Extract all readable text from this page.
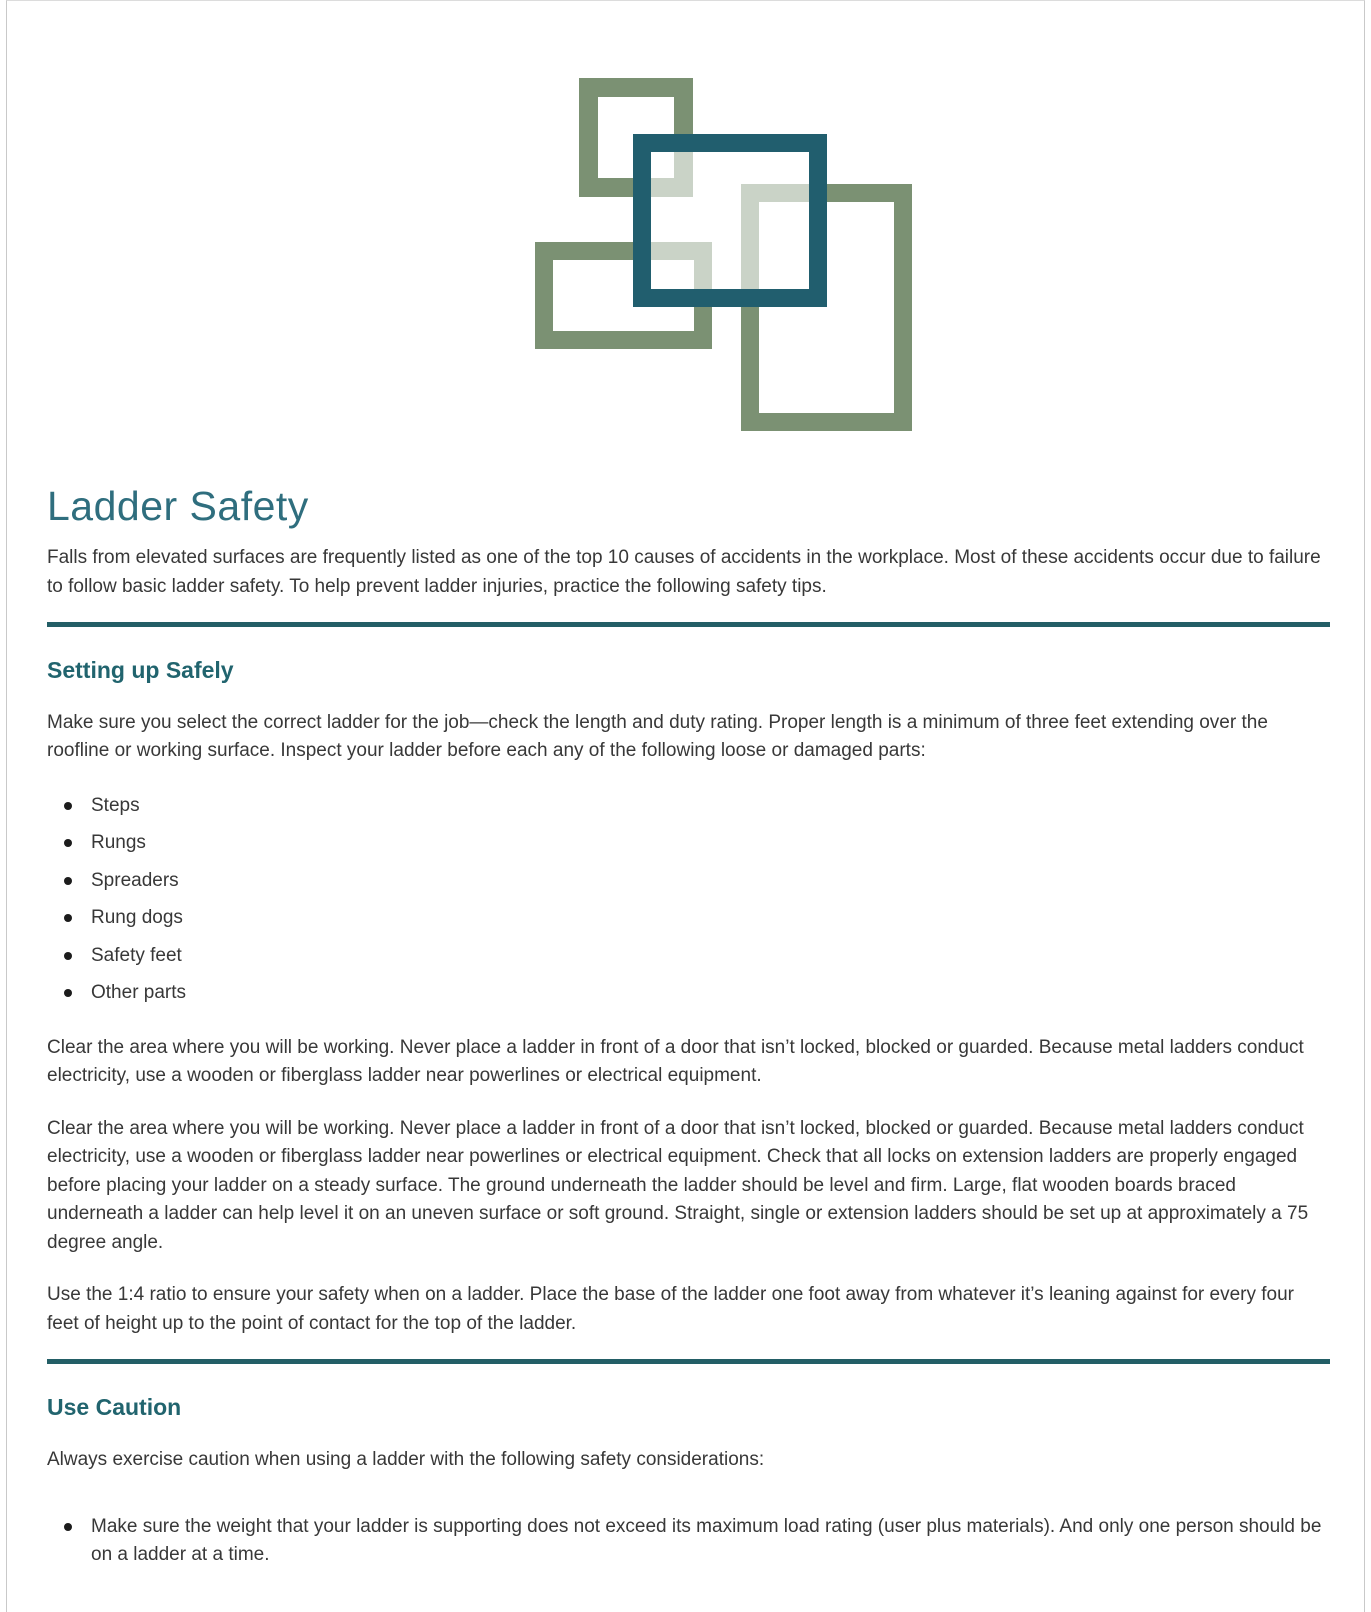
Ladder Safety

Falls from elevated surfaces are frequently listed as one of the top 10 causes of accidents in the workplace. Most of these accidents occur due to failure to follow basic ladder safety. To help prevent ladder injuries, practice the following safety tips.

Setting up Safely

Make sure you select the correct ladder for the job—check the length and duty rating. Proper length is a minimum of three feet extending over the roofline or working surface. Inspect your ladder before each any of the following loose or damaged parts:

Steps
Rungs
Spreaders
Rung dogs
Safety feet
Other parts

Clear the area where you will be working. Never place a ladder in front of a door that isn’t locked, blocked or guarded. Because metal ladders conduct electricity, use a wooden or fiberglass ladder near powerlines or electrical equipment.

Clear the area where you will be working. Never place a ladder in front of a door that isn’t locked, blocked or guarded. Because metal ladders conduct electricity, use a wooden or fiberglass ladder near powerlines or electrical equipment. Check that all locks on extension ladders are properly engaged before placing your ladder on a steady surface. The ground underneath the ladder should be level and firm. Large, flat wooden boards braced underneath a ladder can help level it on an uneven surface or soft ground. Straight, single or extension ladders should be set up at approximately a 75 degree angle.

Use the 1:4 ratio to ensure your safety when on a ladder. Place the base of the ladder one foot away from whatever it’s leaning against for every four feet of height up to the point of contact for the top of the ladder.

Use Caution

Always exercise caution when using a ladder with the following safety considerations:

Make sure the weight that your ladder is supporting does not exceed its maximum load rating (user plus materials). And only one person should be on a ladder at a time.
